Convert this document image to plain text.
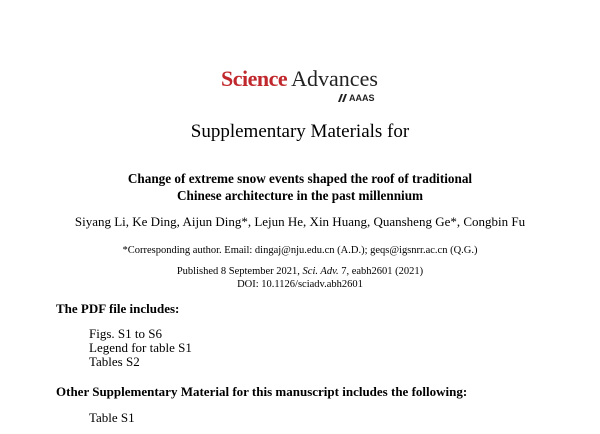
Science Advances
AAAS
Supplementary Materials for
Change of extreme snow events shaped the roof of traditional
Chinese architecture in the past millennium
Siyang Li, Ke Ding, Aijun Ding*, Lejun He, Xin Huang, Quansheng Ge*, Congbin Fu
*Corresponding author. Email: dingaj@nju.edu.cn (A.D.); geqs@igsnrr.ac.cn (Q.G.)
Published 8 September 2021, Sci. Adv. 7, eabh2601 (2021)
DOI: 10.1126/sciadv.abh2601
The PDF file includes:
Figs. S1 to S6
Legend for table S1
Tables S2
Other Supplementary Material for this manuscript includes the following:
Table S1
